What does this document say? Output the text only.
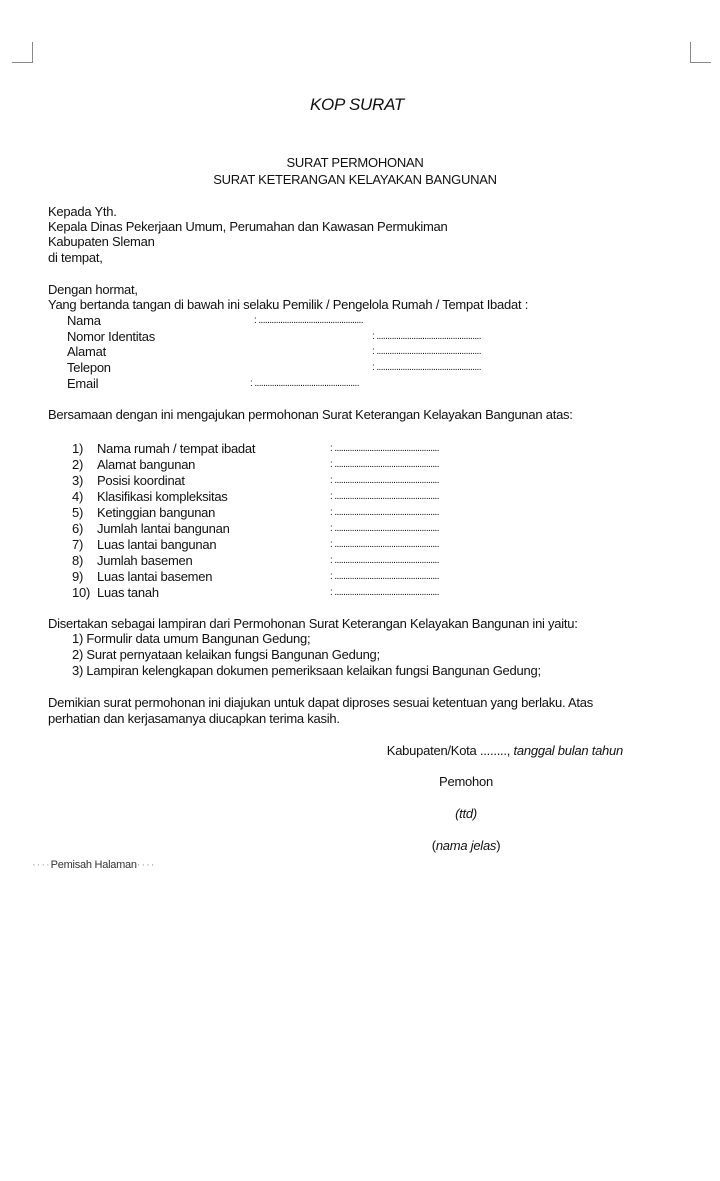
KOP SURAT
SURAT PERMOHONAN
SURAT KETERANGAN KELAYAKAN BANGUNAN
Kepada Yth.
Kepala Dinas Pekerjaan Umum, Perumahan dan Kawasan Permukiman
Kabupaten Sleman
di tempat,
Dengan hormat,
Yang bertanda tangan di bawah ini selaku Pemilik / Pengelola Rumah / Tempat Ibadat :
Nama	: ................................................
Nomor Identitas	: ................................................
Alamat	: ................................................
Telepon	: ................................................
Email	: ................................................
Bersamaan dengan ini mengajukan permohonan Surat Keterangan Kelayakan Bangunan atas:
1) Nama rumah / tempat ibadat	: ................................................
2) Alamat bangunan	: ................................................
3) Posisi koordinat	: ................................................
4) Klasifikasi kompleksitas	: ................................................
5) Ketinggian bangunan	: ................................................
6) Jumlah lantai bangunan	: ................................................
7) Luas lantai bangunan	: ................................................
8) Jumlah basemen	: ................................................
9) Luas lantai basemen	: ................................................
10) Luas tanah	: ................................................
Disertakan sebagai lampiran dari Permohonan Surat Keterangan Kelayakan Bangunan ini yaitu:
1) Formulir data umum Bangunan Gedung;
2) Surat pernyataan kelaikan fungsi Bangunan Gedung;
3) Lampiran kelengkapan dokumen pemeriksaan kelaikan fungsi Bangunan Gedung;
Demikian surat permohonan ini diajukan untuk dapat diproses sesuai ketentuan yang berlaku. Atas
perhatian dan kerjasamanya diucapkan terima kasih.
Kabupaten/Kota ........, tanggal bulan tahun
Pemohon
(ttd)
(nama jelas)
····Pemisah Halaman····
